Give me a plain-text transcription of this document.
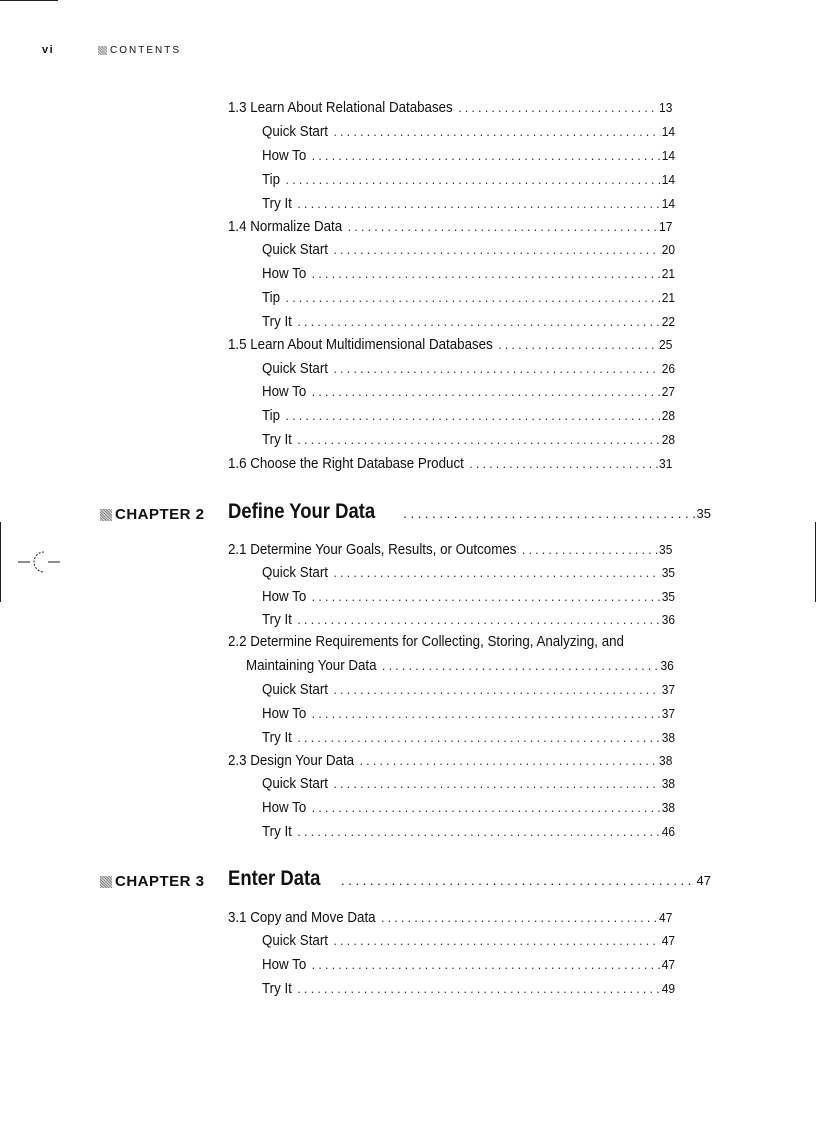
vi	CONTENTS
1.3 Learn About Relational Databases . . .	13
Quick Start . . .	14
How To . . .	14
Tip . . .	14
Try It . . .	14
1.4 Normalize Data . . .	17
Quick Start . . .	20
How To . . .	21
Tip . . .	21
Try It . . .	22
1.5 Learn About Multidimensional Databases . . .	25
Quick Start . . .	26
How To . . .	27
Tip . . .	28
Try It . . .	28
1.6 Choose the Right Database Product . . .	31
CHAPTER 2 Define Your Data . . .	35
2.1 Determine Your Goals, Results, or Outcomes . . .	35
Quick Start . . .	35
How To . . .	35
Try It . . .	36
2.2 Determine Requirements for Collecting, Storing, Analyzing, and
Maintaining Your Data . . .	36
Quick Start . . .	37
How To . . .	37
Try It . . .	38
2.3 Design Your Data . . .	38
Quick Start . . .	38
How To . . .	38
Try It . . .	46
CHAPTER 3 Enter Data . . .	47
3.1 Copy and Move Data . . .	47
Quick Start . . .	47
How To . . .	47
Try It . . .	49
